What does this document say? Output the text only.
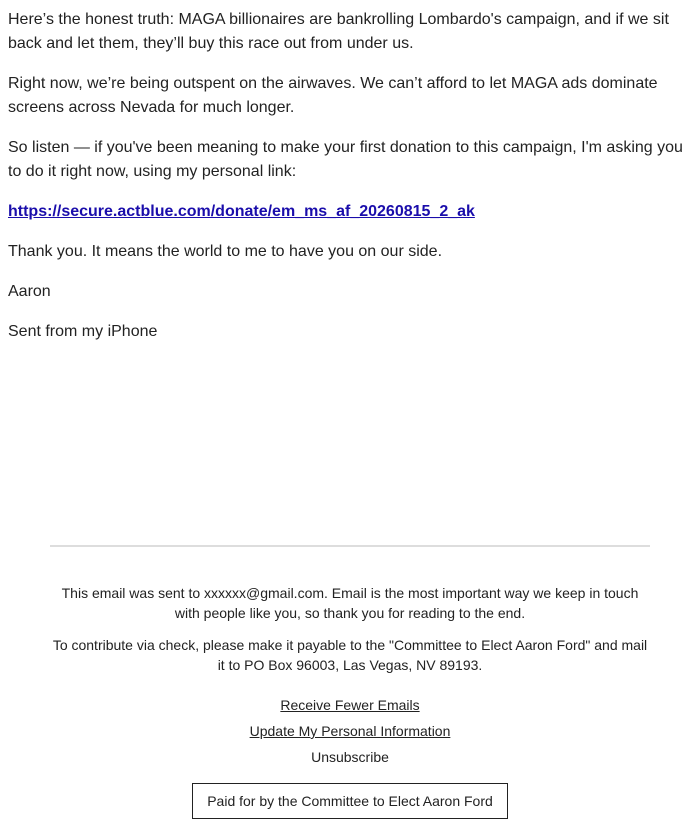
Here’s the honest truth: MAGA billionaires are bankrolling Lombardo's campaign, and if we sit back and let them, they’ll buy this race out from under us.

Right now, we’re being outspent on the airwaves. We can’t afford to let MAGA ads dominate screens across Nevada for much longer.

So listen — if you've been meaning to make your first donation to this campaign, I'm asking you to do it right now, using my personal link:

https://secure.actblue.com/donate/em_ms_af_20260815_2_ak

Thank you. It means the world to me to have you on our side.

Aaron

Sent from my iPhone

This email was sent to xxxxxx@gmail.com. Email is the most important way we keep in touch with people like you, so thank you for reading to the end.

To contribute via check, please make it payable to the "Committee to Elect Aaron Ford" and mail it to PO Box 96003, Las Vegas, NV 89193.

Receive Fewer Emails
Update My Personal Information
Unsubscribe
Paid for by the Committee to Elect Aaron Ford
